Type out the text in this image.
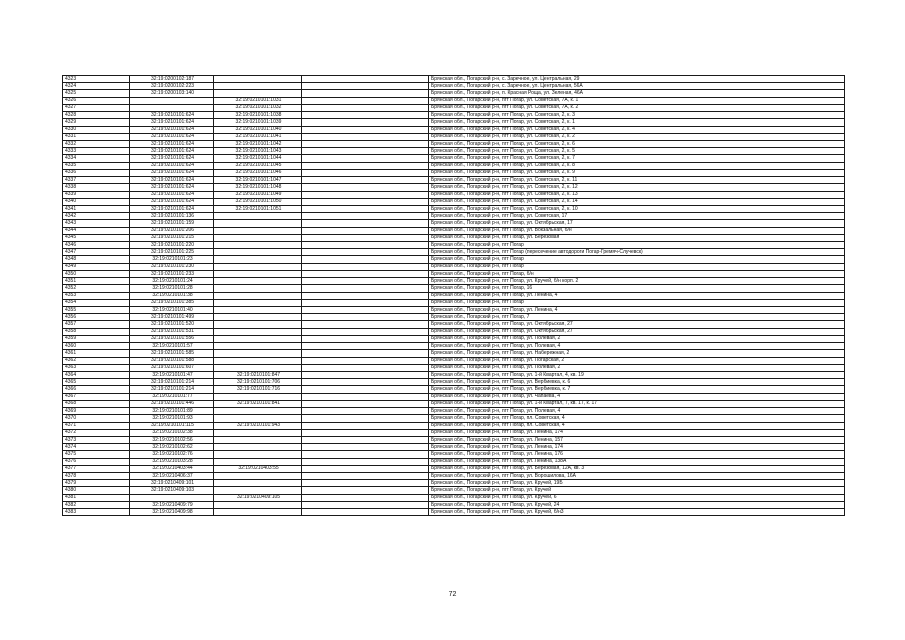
4323	32:19:0200102:187			Брянская обл., Погарский р-н, с. Заречное, ул. Центральная, 29
4324	32:19:0200102:223			Брянская обл., Погарский р-н, с. Заречное, ул. Центральная, 56А
4325	32:19:0200103:140			Брянская обл., Погарский р-н, п. Красная Роща, ул. Зеленая, 46А
4326		32:19:0210101:1031		Брянская обл., Погарский р-н, пгт Погар, ул. Советская, 7А, к. 1
4327		32:19:0210101:1032		Брянская обл., Погарский р-н, пгт Погар, ул. Советская, 7А, к. 2
4328	32:19:0210101:624	32:19:0210101:1038		Брянская обл., Погарский р-н, пгт Погар, ул. Советская, 2, к. 3
4329	32:19:0210101:624	32:19:0210101:1039		Брянская обл., Погарский р-н, пгт Погар, ул. Советская, 2, к. 1
4330	32:19:0210101:624	32:19:0210101:1040		Брянская обл., Погарский р-н, пгт Погар, ул. Советская, 2, к. 4
4331	32:19:0210101:624	32:19:0210101:1041		Брянская обл., Погарский р-н, пгт Погар, ул. Советская, 2, к. 2
4332	32:19:0210101:624	32:19:0210101:1042		Брянская обл., Погарский р-н, пгт Погар, ул. Советская, 2, к. 6
4333	32:19:0210101:624	32:19:0210101:1043		Брянская обл., Погарский р-н, пгт Погар, ул. Советская, 2, к. 5
4334	32:19:0210101:624	32:19:0210101:1044		Брянская обл., Погарский р-н, пгт Погар, ул. Советская, 2, к. 7
4335	32:19:0210101:624	32:19:0210101:1045		Брянская обл., Погарский р-н, пгт Погар, ул. Советская, 2, к. 8
4336	32:19:0210101:624	32:19:0210101:1046		Брянская обл., Погарский р-н, пгт Погар, ул. Советская, 2, к. 9
4337	32:19:0210101:624	32:19:0210101:1047		Брянская обл., Погарский р-н, пгт Погар, ул. Советская, 2, к. 11
4338	32:19:0210101:624	32:19:0210101:1048		Брянская обл., Погарский р-н, пгт Погар, ул. Советская, 2, к. 12
4339	32:19:0210101:624	32:19:0210101:1049		Брянская обл., Погарский р-н, пгт Погар, ул. Советская, 2, к. 13
4340	32:19:0210101:624	32:19:0210101:1050		Брянская обл., Погарский р-н, пгт Погар, ул. Советская, 2, к. 14
4341	32:19:0210101:624	32:19:0210101:1051		Брянская обл., Погарский р-н, пгт Погар, ул. Советская, 2, к. 10
4342	32:19:0210101:136			Брянская обл., Погарский р-н, пгт Погар, ул. Советская, 17
4343	32:19:0210101:159			Брянская обл., Погарский р-н, пгт Погар, ул. Октябрьская, 17
4344	32:19:0210101:206			Брянская обл., Погарский р-н, пгт Погар, ул. Вокзальная, б/н
4345	32:19:0210101:215			Брянская обл., Погарский р-н, пгт Погар, ул. Березовая
4346	32:19:0210101:220			Брянская обл., Погарский р-н, пгт Погар
4347	32:19:0210101:225			Брянская обл., Погарский р-н, пгт Погар (пересечение автодороги Погар-Гремяч-Случевск)
4348	32:19:0210101:23			Брянская обл., Погарский р-н, пгт Погар
4349	32:19:0210101:230			Брянская обл., Погарский р-н, пгт Погар
4350	32:19:0210101:233			Брянская обл., Погарский р-н, пгт Погар, б/н
4351	32:19:0210101:24			Брянская обл., Погарский р-н, пгт Погар, ул. Кручей, б/н корп. 2
4352	32:19:0210101:28			Брянская обл., Погарский р-н, пгт Погар, 16
4353	32:19:0210101:38			Брянская обл., Погарский р-н, пгт Погар, ул. Ленина, 4
4354	32:19:0210101:385			Брянская обл., Погарский р-н, пгт Погар
4355	32:19:0210101:40			Брянская обл., Погарский р-н, пгт Погар, ул. Ленина, 4
4356	32:19:0210101:499			Брянская обл., Погарский р-н, пгт Погар, 7
4357	32:19:0210101:520			Брянская обл., Погарский р-н, пгт Погар, ул. Октябрьская, 27
4358	32:19:0210101:531			Брянская обл., Погарский р-н, пгт Погар, ул. Октябрьская, 27
4359	32:19:0210101:556			Брянская обл., Погарский р-н, пгт Погар, ул. Полевая, 2
4360	32:19:0210101:57			Брянская обл., Погарский р-н, пгт Погар, ул. Полевая, 4
4361	32:19:0210101:585			Брянская обл., Погарский р-н, пгт Погар, ул. Набережная, 2
4362	32:19:0210101:588			Брянская обл., Погарский р-н, пгт Погар, ул. Погарская, 2
4363	32:19:0210101:607			Брянская обл., Погарский р-н, пгт Погар, ул. Полевая, 2
4364	32:19:0210101:47	32:19:0210101:847		Брянская обл., Погарский р-н, пгт Погар, ул. 1-й Квартал, 4, кв. 19
4365	32:19:0210101:214	32:19:0210101:706		Брянская обл., Погарский р-н, пгт Погар, ул. Вербиевка, к. 6
4366	32:19:0210101:214	32:19:0210101:716		Брянская обл., Погарский р-н, пгт Погар, ул. Вербиевка, к. 7
4367	32:19:0210101:77			Брянская обл., Погарский р-н, пгт Погар, ул. Чапаева, 4
4368	32:19:0210101:446	32:19:0210101:841		Брянская обл., Погарский р-н, пгт Погар, ул. 1-й Квартал, 7, кв. 17, к. 17
4369	32:19:0210101:89			Брянская обл., Погарский р-н, пгт Погар, ул. Полевая, 4
4370	32:19:0210101:93			Брянская обл., Погарский р-н, пгт Погар, пл. Советская, 4
4371	32:19:0210101:115	32:19:0210101:943		Брянская обл., Погарский р-н, пгт Погар, пл. Советская, 4
4372	32:19:0210102:38			Брянская обл., Погарский р-н, пгт Погар, ул. Ленина, 174
4373	32:19:0210102:56			Брянская обл., Погарский р-н, пгт Погар, ул. Ленина, 157
4374	32:19:0210102:62			Брянская обл., Погарский р-н, пгт Погар, ул. Ленина, 174
4375	32:19:0210102:76			Брянская обл., Погарский р-н, пгт Погар, ул. Ленина, 176
4376	32:19:0210103:28			Брянская обл., Погарский р-н, пгт Погар, ул. Ленина, 138А
4377	32:19:0210403:44	32:19:0210403:55		Брянская обл., Погарский р-н, пгт Погар, ул. Березовая, 12А, кв. 3
4378	32:19:0210406:37			Брянская обл., Погарский р-н, пгт Погар, ул. Ворошилова, 16А
4379	32:19:0210409:101			Брянская обл., Погарский р-н, пгт Погар, ул. Кручей, 19Б
4380	32:19:0210409:103			Брянская обл., Погарский р-н, пгт Погар, ул. Кручей
4381		32:19:0210409:105		Брянская обл., Погарский р-н, пгт Погар, ул. Кручей, 6
4382	32:19:0210409:79			Брянская обл., Погарский р-н, пгт Погар, ул. Кручей, 24
4383	32:19:0210409:98			Брянская обл., Погарский р-н, пгт Погар, ул. Кручей, б/н3
72
